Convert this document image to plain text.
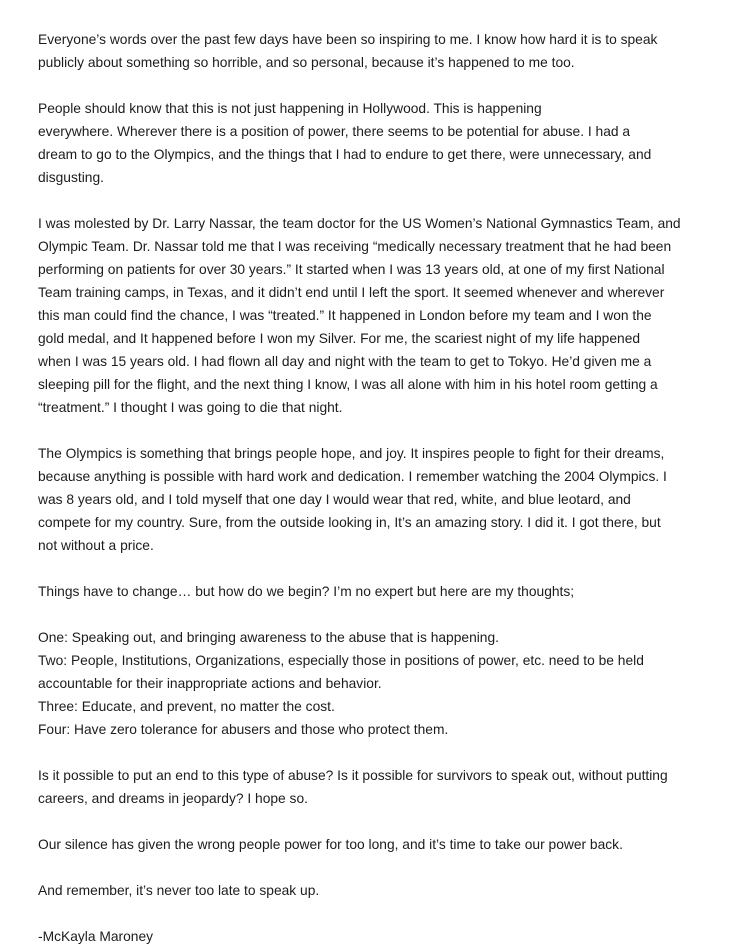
Everyone’s words over the past few days have been so inspiring to me. I know how hard it is to speak
publicly about something so horrible, and so personal, because it’s happened to me too.

People should know that this is not just happening in Hollywood. This is happening
everywhere. Wherever there is a position of power, there seems to be potential for abuse. I had a
dream to go to the Olympics, and the things that I had to endure to get there, were unnecessary, and
disgusting.

I was molested by Dr. Larry Nassar, the team doctor for the US Women’s National Gymnastics Team, and
Olympic Team. Dr. Nassar told me that I was receiving “medically necessary treatment that he had been
performing on patients for over 30 years.” It started when I was 13 years old, at one of my first National
Team training camps, in Texas, and it didn’t end until I left the sport. It seemed whenever and wherever
this man could find the chance, I was “treated.” It happened in London before my team and I won the
gold medal, and It happened before I won my Silver. For me, the scariest night of my life happened
when I was 15 years old. I had flown all day and night with the team to get to Tokyo. He’d given me a
sleeping pill for the flight, and the next thing I know, I was all alone with him in his hotel room getting a
“treatment.” I thought I was going to die that night.

The Olympics is something that brings people hope, and joy. It inspires people to fight for their dreams,
because anything is possible with hard work and dedication. I remember watching the 2004 Olympics. I
was 8 years old, and I told myself that one day I would wear that red, white, and blue leotard, and
compete for my country. Sure, from the outside looking in, It’s an amazing story. I did it. I got there, but
not without a price.

Things have to change… but how do we begin? I’m no expert but here are my thoughts;

One: Speaking out, and bringing awareness to the abuse that is happening.
Two: People, Institutions, Organizations, especially those in positions of power, etc. need to be held
accountable for their inappropriate actions and behavior.
Three: Educate, and prevent, no matter the cost.
Four: Have zero tolerance for abusers and those who protect them.

Is it possible to put an end to this type of abuse? Is it possible for survivors to speak out, without putting
careers, and dreams in jeopardy? I hope so.

Our silence has given the wrong people power for too long, and it’s time to take our power back.

And remember, it’s never too late to speak up.

-McKayla Maroney
